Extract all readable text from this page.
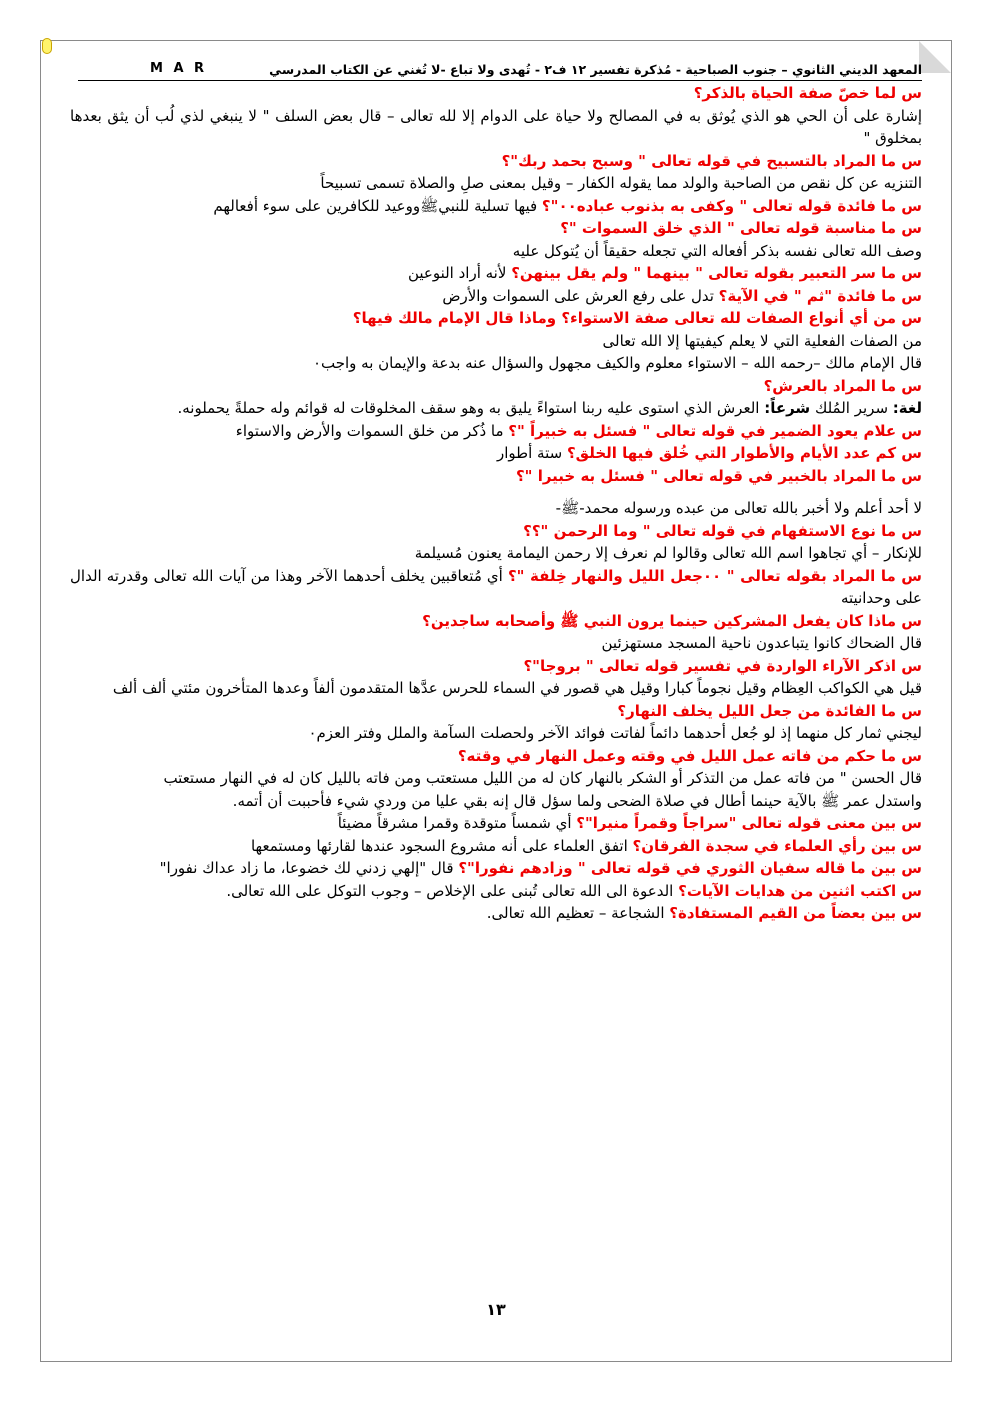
المعهد الديني الثانوي – جنوب الصباحية - مُذكرة تفسير ١٢ ف٢ - تُهدى ولا تباع -لا تُغني عن الكتاب المدرسي
M A R
س لما خصّ صفة الحياة بالذكر؟
إشارة على أن الحي هو الذي يُوثق به في المصالح ولا حياة على الدوام إلا لله تعالى – قال بعض السلف " لا ينبغي لذي لُب أن يثق بعدها بمخلوق "
س ما المراد بالتسبيح في قوله تعالى " وسبح بحمد ربك"؟
التنزيه عن كل نقص من الصاحبة والولد مما يقوله الكفار – وقيل بمعنى صلِ والصلاة تسمى تسبيحاً
س ما فائدة قوله تعالى " وكفى به بذنوب عباده٠٠"؟ فيها تسلية للنبيﷺووعيد للكافرين على سوء أفعالهم
س ما مناسبة قوله تعالى " الذي خلق السموات "؟
وصف الله تعالى نفسه بذكر أفعاله التي تجعله حقيقاً أن يُتوكل عليه
س ما سر التعبير بقوله تعالى " بينهما " ولم يقل بينهن؟ لأنه أراد النوعين
س ما فائدة "ثم " في الآية؟ تدل على رفع العرش على السموات والأرض
س من أي أنواع الصفات لله تعالى صفة الاستواء؟ وماذا قال الإمام مالك فيها؟
من الصفات الفعلية التي لا يعلم كيفيتها إلا الله تعالى
قال الإمام مالك –رحمه الله – الاستواء معلوم والكيف مجهول والسؤال عنه بدعة والإيمان به واجب٠
س ما المراد بالعرش؟
لغة: سرير المُلك شرعاً: العرش الذي استوى عليه ربنا استواءً يليق به وهو سقف المخلوقات له قوائم وله حملةً يحملونه.
س علام يعود الضمير في قوله تعالى " فسئل به خبيراً "؟ ما ذُكر من خلق السموات والأرض والاستواء
س كم عدد الأيام والأطوار التي خُلق فيها الخلق؟ ستة أطوار
س ما المراد بالخبير في قوله تعالى " فسئل به خبيرا "؟
لا أحد أعلم ولا أخبر بالله تعالى من عبده ورسوله محمد-ﷺ-
س ما نوع الاستفهام في قوله تعالى " وما الرحمن "؟؟
للإنكار – أي تجاهوا اسم الله تعالى وقالوا لم نعرف إلا رحمن اليمامة يعنون مُسيلمة
س ما المراد بقوله تعالى " ٠٠جعل الليل والنهار خِلفة "؟ أي مُتعاقبين يخلف أحدهما الآخر وهذا من آيات الله تعالى وقدرته الدال على وحدانيته
س ماذا كان يفعل المشركين حينما يرون النبي ﷺ وأصحابه ساجدين؟
قال الضحاك كانوا يتباعدون ناحية المسجد مستهزئين
س اذكر الآراء الواردة في تفسير قوله تعالى " بروجا"؟
قيل هي الكواكب العِظام وقيل نجوماً كبارا وقيل هي قصور في السماء للحرس عدَّها المتقدمون ألفاً وعدها المتأخرون مئتي ألف ألف
س ما الفائدة من جعل الليل يخلف النهار؟
ليجني ثمار كل منهما إذ لو جُعل أحدهما دائماً لفاتت فوائد الآخر ولحصلت السآمة والملل وفتر العزم٠
س ما حكم من فاته عمل الليل في وقته وعمل النهار في وقته؟
قال الحسن " من فاته عمل من التذكر أو الشكر بالنهار كان له من الليل مستعتب ومن فاته بالليل كان له في النهار مستعتب
واستدل عمر ﷺ بالآية حينما أطال في صلاة الضحى ولما سؤل قال إنه بقي عليا من وردي شيء فأحببت أن أتمه.
س بين معنى قوله تعالى "سراجاً وقمراً منيرا"؟ أي شمساً متوقدة وقمرا مشرقاً مضيئاً
س بين رأي العلماء في سجدة الفرقان؟ اتفق العلماء على أنه مشروع السجود عندها لقارئها ومستمعها
س بين ما قاله سفيان الثوري في قوله تعالى " وزادهم نفورا"؟ قال "إلهي زدني لك خضوعا، ما زاد عداك نفورا"
س اكتب اثنين من هدايات الآيات؟ الدعوة الى الله تعالى تُبنى على الإخلاص – وجوب التوكل على الله تعالى.
س بين بعضاً من القيم المستفادة؟ الشجاعة – تعظيم الله تعالى.
١٣
